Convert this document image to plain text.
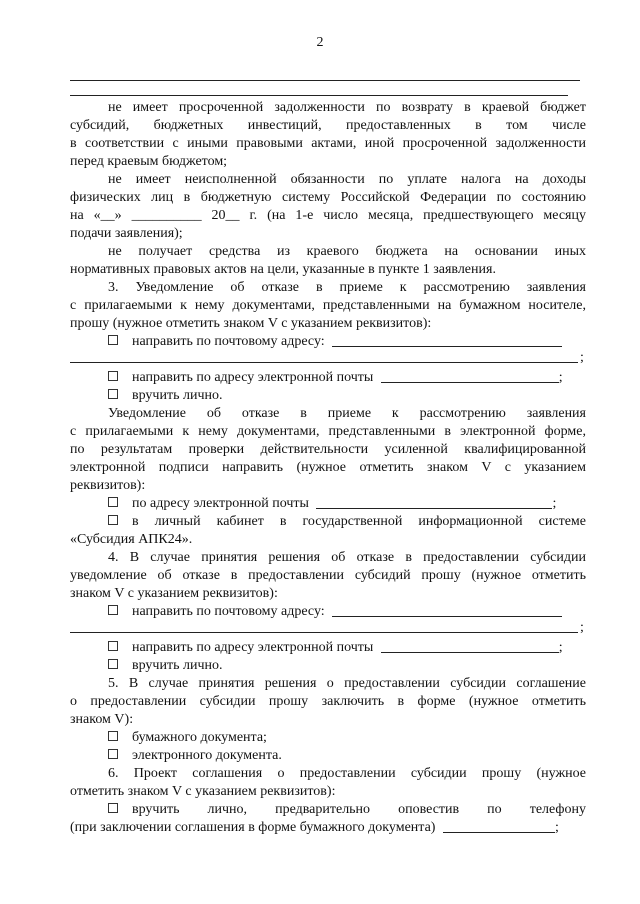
2
не имеет просроченной задолженности по возврату в краевой бюджет
субсидий, бюджетных инвестиций, предоставленных в том числе
в соответствии с иными правовыми актами, иной просроченной задолженности
перед краевым бюджетом;
не имеет неисполненной обязанности по уплате налога на доходы
физических лиц в бюджетную систему Российской Федерации по состоянию
на «__» __________ 20__ г. (на 1-е число месяца, предшествующего месяцу
подачи заявления);
не получает средства из краевого бюджета на основании иных
нормативных правовых актов на цели, указанные в пункте 1 заявления.
3. Уведомление об отказе в приеме к рассмотрению заявления
с прилагаемыми к нему документами, представленными на бумажном носителе,
прошу (нужное отметить знаком V с указанием реквизитов):
направить по почтовому адресу:
;
направить по адресу электронной почты	;
вручить лично.
Уведомление об отказе в приеме к рассмотрению заявления
с прилагаемыми к нему документами, представленными в электронной форме,
по результатам проверки действительности усиленной квалифицированной
электронной подписи направить (нужное отметить знаком V с указанием
реквизитов):
по адресу электронной почты	;
в личный кабинет в государственной информационной системе
«Субсидия АПК24».
4. В случае принятия решения об отказе в предоставлении субсидии
уведомление об отказе в предоставлении субсидий прошу (нужное отметить
знаком V с указанием реквизитов):
направить по почтовому адресу:
;
направить по адресу электронной почты	;
вручить лично.
5. В случае принятия решения о предоставлении субсидии соглашение
о предоставлении субсидии прошу заключить в форме (нужное отметить
знаком V):
бумажного документа;
электронного документа.
6. Проект соглашения о предоставлении субсидии прошу (нужное
отметить знаком V с указанием реквизитов):
вручить лично, предварительно оповестив по телефону
(при заключении соглашения в форме бумажного документа)	;
